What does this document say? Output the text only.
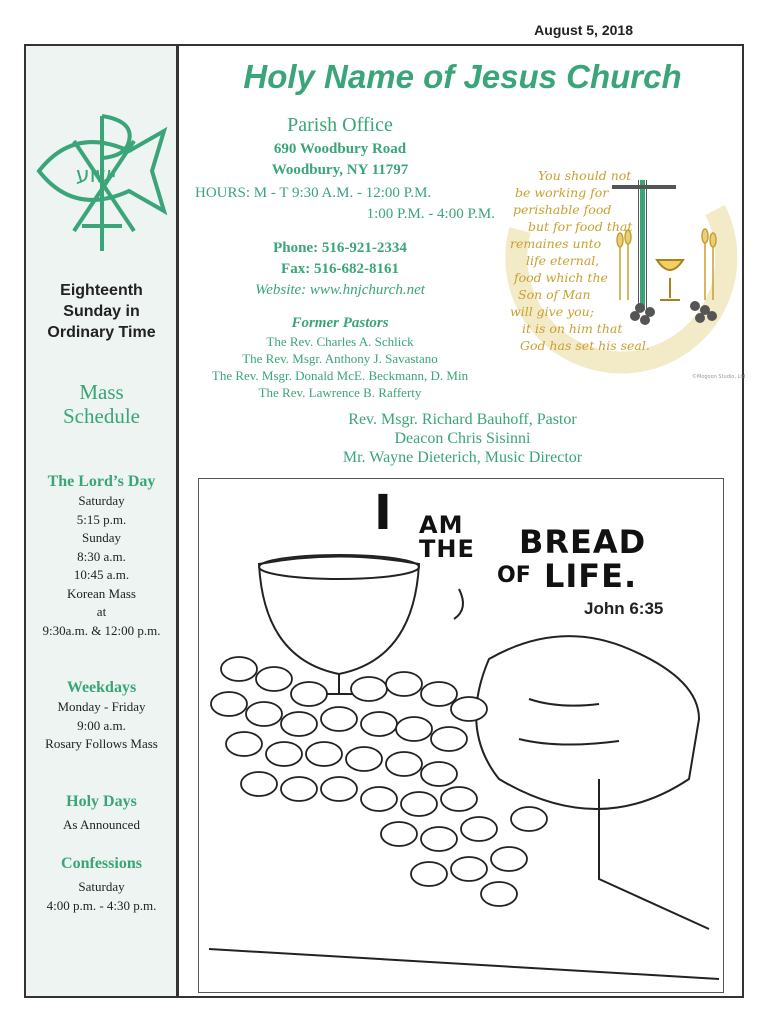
August 5, 2018
ישוע
P
Eighteenth
Sunday in
Ordinary Time
Mass
Schedule
The Lord’s Day
Saturday
5:15 p.m.
Sunday
8:30 a.m.
10:45 a.m.
Korean Mass
at
9:30a.m. & 12:00 p.m.
Weekdays
Monday - Friday
9:00 a.m.
Rosary Follows Mass
Holy Days
As Announced
Confessions
Saturday
4:00 p.m. - 4:30 p.m.
Holy Name of Jesus Church
Parish Office
690 Woodbury Road
Woodbury, NY 11797
HOURS: M - T 9:30 A.M. - 12:00 P.M.
1:00 P.M. - 4:00 P.M.
Phone: 516-921-2334
Fax: 516-682-8161
Website: www.hnjchurch.net
Former Pastors
The Rev. Charles A. Schlick
The Rev. Msgr. Anthony J. Savastano
The Rev. Msgr. Donald McE. Beckmann, D. Min
The Rev. Lawrence B. Rafferty
You should not
be working for
perishable food
but for food that
remaines unto
life eternal,
food which the
Son of Man
will give you;
it is on him that
God has set his seal.
©Mogoon Studio, Ltd
Rev. Msgr. Richard Bauhoff, Pastor
Deacon Chris Sisinni
Mr. Wayne Dieterich, Music Director
I AM
THE BREAD
OF LIFE.
John 6:35
